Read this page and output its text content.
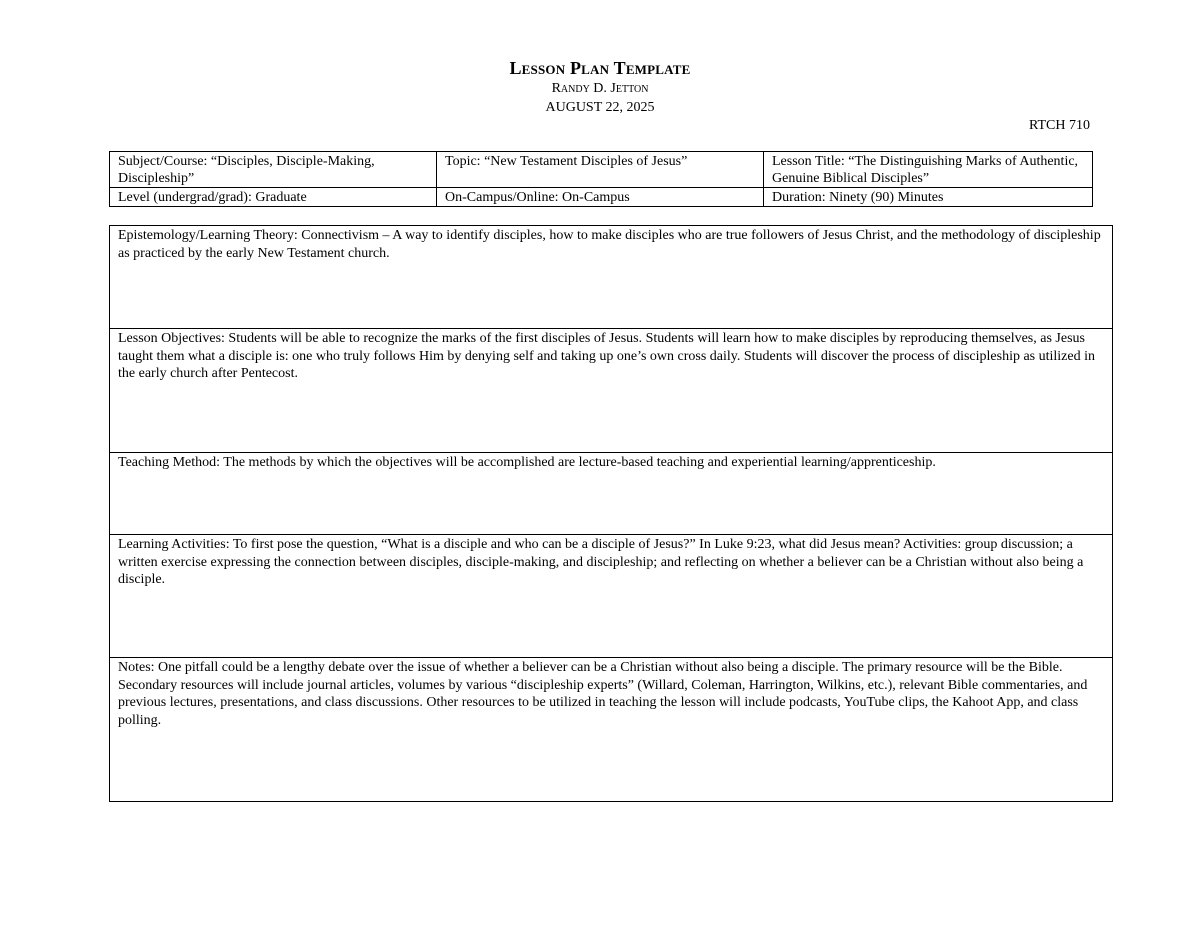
Lesson Plan Template
Randy D. Jetton
AUGUST 22, 2025
RTCH 710
Subject/Course: “Disciples, Disciple-Making, Discipleship”	Topic: “New Testament Disciples of Jesus”	Lesson Title: “The Distinguishing Marks of Authentic, Genuine Biblical Disciples”
Level (undergrad/grad): Graduate	On-Campus/Online: On-Campus	Duration: Ninety (90) Minutes
Epistemology/Learning Theory: Connectivism – A way to identify disciples, how to make disciples who are true followers of Jesus Christ, and the methodology of discipleship as practiced by the early New Testament church.
Lesson Objectives: Students will be able to recognize the marks of the first disciples of Jesus. Students will learn how to make disciples by reproducing themselves, as Jesus taught them what a disciple is: one who truly follows Him by denying self and taking up one’s own cross daily. Students will discover the process of discipleship as utilized in the early church after Pentecost.
Teaching Method: The methods by which the objectives will be accomplished are lecture-based teaching and experiential learning/apprenticeship.
Learning Activities: To first pose the question, “What is a disciple and who can be a disciple of Jesus?” In Luke 9:23, what did Jesus mean? Activities: group discussion; a written exercise expressing the connection between disciples, disciple-making, and discipleship; and reflecting on whether a believer can be a Christian without also being a disciple.
Notes: One pitfall could be a lengthy debate over the issue of whether a believer can be a Christian without also being a disciple. The primary resource will be the Bible. Secondary resources will include journal articles, volumes by various “discipleship experts” (Willard, Coleman, Harrington, Wilkins, etc.), relevant Bible commentaries, and previous lectures, presentations, and class discussions. Other resources to be utilized in teaching the lesson will include podcasts, YouTube clips, the Kahoot App, and class polling.
